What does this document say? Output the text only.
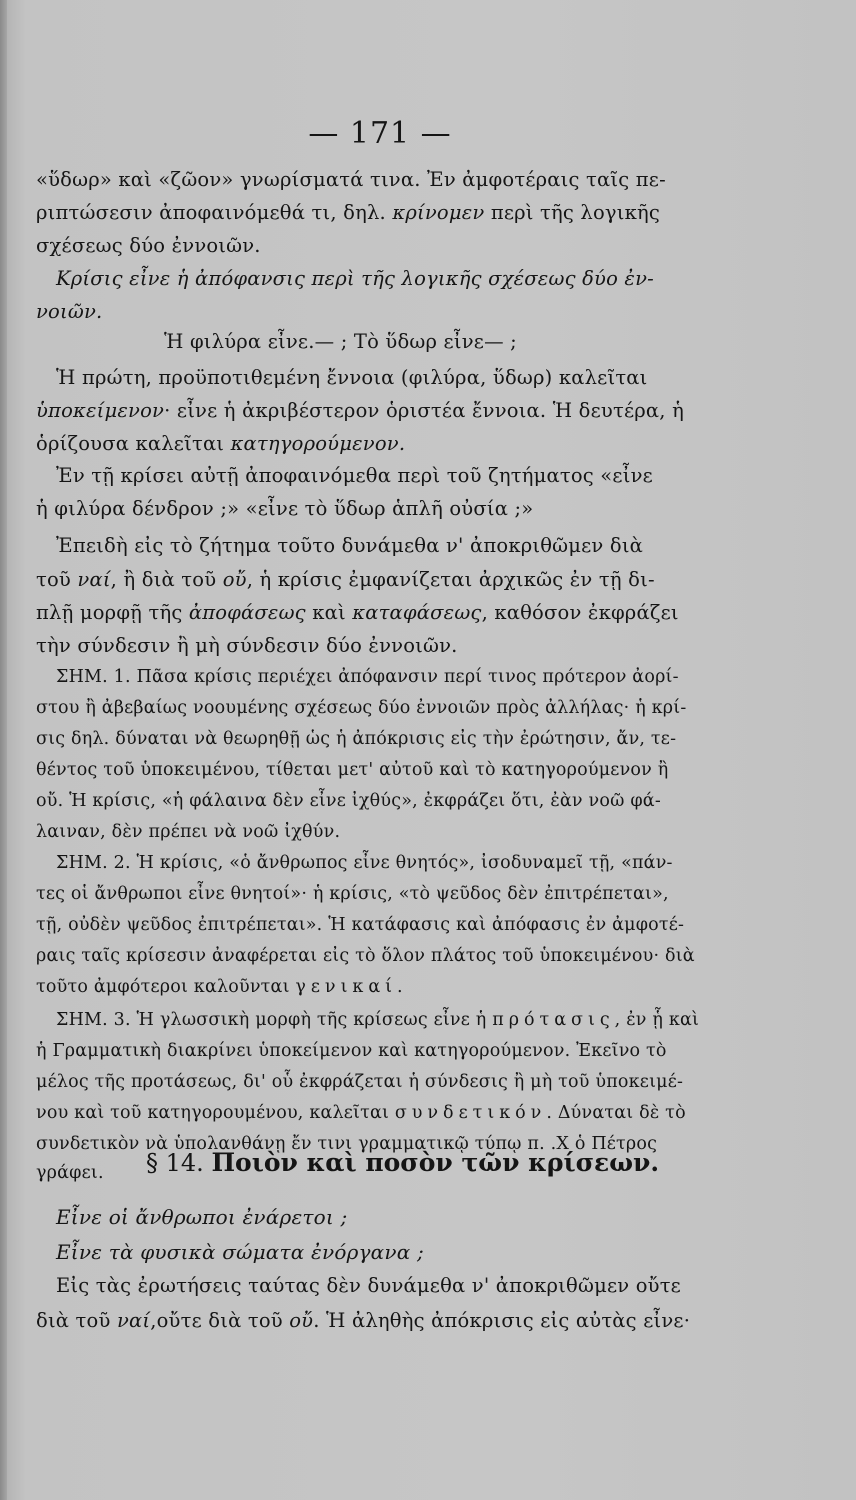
— 171 —
«ὕδωρ» καὶ «ζῶον» γνωρίσματά τινα. Ἐν ἀμφοτέραις ταῖς πε-
ριπτώσεσιν ἀποφαινόμεθά τι, δηλ. κρίνομεν περὶ τῆς λογικῆς
σχέσεως δύο ἐννοιῶν.
Κρίσις εἶνε ἡ ἀπόφανσις περὶ τῆς λογικῆς σχέσεως δύο ἐν-
νοιῶν.
Ἡ φιλύρα εἶνε.— ; Τὸ ὕδωρ εἶνε— ;
Ἡ πρώτη, προϋποτιθεμένη ἔννοια (φιλύρα, ὕδωρ) καλεῖται
ὑποκείμενον· εἶνε ἡ ἀκριβέστερον ὁριστέα ἔννοια. Ἡ δευτέρα, ἡ
ὁρίζουσα καλεῖται κατηγορούμενον.
Ἐν τῇ κρίσει αὐτῇ ἀποφαινόμεθα περὶ τοῦ ζητήματος «εἶνε
ἡ φιλύρα δένδρον ;» «εἶνε τὸ ὕδωρ ἁπλῆ οὐσία ;»
Ἐπειδὴ εἰς τὸ ζήτημα τοῦτο δυνάμεθα ν' ἀποκριθῶμεν διὰ
τοῦ ναί, ἢ διὰ τοῦ οὔ, ἡ κρίσις ἐμφανίζεται ἀρχικῶς ἐν τῇ δι-
πλῇ μορφῇ τῆς ἀποφάσεως καὶ καταφάσεως, καθόσον ἐκφράζει
τὴν σύνδεσιν ἢ μὴ σύνδεσιν δύο ἐννοιῶν.
ΣΗΜ. 1. Πᾶσα κρίσις περιέχει ἀπόφανσιν περί τινος πρότερον ἀορί-
στου ἢ ἀβεβαίως νοουμένης σχέσεως δύο ἐννοιῶν πρὸς ἀλλήλας· ἡ κρί-
σις δηλ. δύναται νὰ θεωρηθῇ ὡς ἡ ἀπόκρισις εἰς τὴν ἐρώτησιν, ἄν, τε-
θέντος τοῦ ὑποκειμένου, τίθεται μετ' αὐτοῦ καὶ τὸ κατηγορούμενον ἢ
οὔ. Ἡ κρίσις, «ἡ φάλαινα δὲν εἶνε ἰχθύς», ἐκφράζει ὅτι, ἐὰν νοῶ φά-
λαιναν, δὲν πρέπει νὰ νοῶ ἰχθύν.
ΣΗΜ. 2. Ἡ κρίσις, «ὁ ἄνθρωπος εἶνε θνητός», ἰσοδυναμεῖ τῇ, «πάν-
τες οἱ ἄνθρωποι εἶνε θνητοί»· ἡ κρίσις, «τὸ ψεῦδος δὲν ἐπιτρέπεται»,
τῇ, οὐδὲν ψεῦδος ἐπιτρέπεται». Ἡ κατάφασις καὶ ἀπόφασις ἐν ἀμφοτέ-
ραις ταῖς κρίσεσιν ἀναφέρεται εἰς τὸ ὅλον πλάτος τοῦ ὑποκειμένου· διὰ
τοῦτο ἀμφότεροι καλοῦνται γενικαί.
ΣΗΜ. 3. Ἡ γλωσσικὴ μορφὴ τῆς κρίσεως εἶνε ἡ πρότασις, ἐν ᾗ καὶ
ἡ Γραμματικὴ διακρίνει ὑποκείμενον καὶ κατηγορούμενον. Ἐκεῖνο τὸ
μέλος τῆς προτάσεως, δι' οὗ ἐκφράζεται ἡ σύνδεσις ἢ μὴ τοῦ ὑποκειμέ-
νου καὶ τοῦ κατηγορουμένου, καλεῖται συνδετικόν. Δύναται δὲ τὸ
συνδετικὸν νὰ ὑπολανθάνῃ ἔν τινι γραμματικῷ τύπῳ π. .Χ ὁ Πέτρος
γράφει.	§ 14. Ποιὸν καὶ ποσὸν τῶν κρίσεων.
Εἶνε οἱ ἄνθρωποι ἐνάρετοι ;
Εἶνε τὰ φυσικὰ σώματα ἐνόργανα ;
Εἰς τὰς ἐρωτήσεις ταύτας δὲν δυνάμεθα ν' ἀποκριθῶμεν οὔτε
διὰ τοῦ ναί,οὔτε διὰ τοῦ οὔ. Ἡ ἀληθὴς ἀπόκρισις εἰς αὐτὰς εἶνε·
